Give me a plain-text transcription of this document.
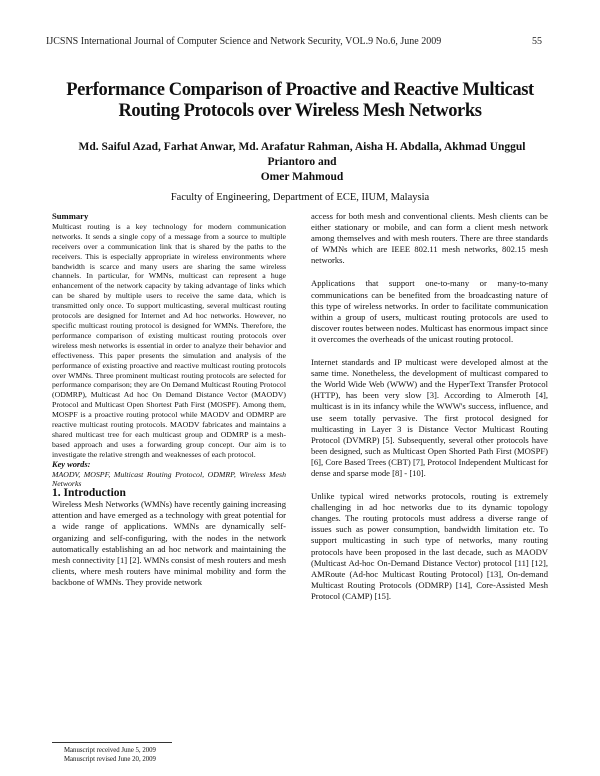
IJCSNS International Journal of Computer Science and Network Security, VOL.9 No.6, June 2009	55
Performance Comparison of Proactive and Reactive Multicast
Routing Protocols over Wireless Mesh Networks
Md. Saiful Azad, Farhat Anwar, Md. Arafatur Rahman, Aisha H. Abdalla, Akhmad Unggul Priantoro and
Omer Mahmoud
Faculty of Engineering, Department of ECE, IIUM, Malaysia

Summary

Multicast routing is a key technology for modern communication networks. It sends a single copy of a message from a source to multiple receivers over a communication link that is shared by the paths to the receivers. This is especially appropriate in wireless environments where bandwidth is scarce and many users are sharing the same wireless channels. In particular, for WMNs, multicast can represent a huge enhancement of the network capacity by taking advantage of links which can be shared by multiple users to receive the same data, which is transmitted only once. To support multicasting, several multicast routing protocols are designed for Internet and Ad hoc networks. However, no specific multicast routing protocol is designed for WMNs. Therefore, the performance comparison of existing multicast routing protocols over wireless mesh networks is essential in order to analyze their behavior and effectiveness. This paper presents the simulation and analysis of the performance of existing proactive and reactive multicast routing protocols over WMNs. Three prominent multicast routing protocols are selected for performance comparison; they are On Demand Multicast Routing Protocol (ODMRP), Multicast Ad hoc On Demand Distance Vector (MAODV) Protocol and Multicast Open Shortest Path First (MOSPF). Among them, MOSPF is a proactive routing protocol while MAODV and ODMRP are reactive multicast routing protocols. MAODV fabricates and maintains a shared multicast tree for each multicast group and ODMRP is a mesh-based approach and uses a forwarding group concept. Our aim is to investigate the relative strength and weaknesses of each protocol.

Key words:

MAODV, MOSPF, Multicast Routing Protocol, ODMRP, Wireless Mesh Networks

1. Introduction

Wireless Mesh Networks (WMNs) have recently gaining increasing attention and have emerged as a technology with great potential for a wide range of applications. WMNs are dynamically self-organizing and self-configuring, with the nodes in the network automatically establishing an ad hoc network and maintaining the mesh connectivity [1] [2]. WMNs consist of mesh routers and mesh clients, where mesh routers have minimal mobility and form the backbone of WMNs. They provide network

access for both mesh and conventional clients. Mesh clients can be either stationary or mobile, and can form a client mesh network among themselves and with mesh routers. There are three standards of WMNs which are IEEE 802.11 mesh networks, 802.15 mesh networks.

Applications that support one-to-many or many-to-many communications can be benefited from the broadcasting nature of this type of wireless networks. In order to facilitate communication within a group of users, multicast routing protocols are used to discover routes between nodes. Multicast has enormous impact since it overcomes the overheads of the unicast routing protocol.

Internet standards and IP multicast were developed almost at the same time. Nonetheless, the development of multicast compared to the World Wide Web (WWW) and the HyperText Transfer Protocol (HTTP), has been very slow [3]. According to Almeroth [4], multicast is in its infancy while the WWW's success, influence, and use seem totally pervasive. The first protocol designed for multicasting in Layer 3 is Distance Vector Multicast Routing Protocol (DVMRP) [5]. Subsequently, several other protocols have been designed, such as Multicast Open Shorted Path First (MOSPF) [6], Core Based Trees (CBT) [7], Protocol Independent Multicast for dense and sparse mode [8] - [10].

Unlike typical wired networks protocols, routing is extremely challenging in ad hoc networks due to its dynamic topology changes. The routing protocols must address a diverse range of issues such as power consumption, bandwidth limitation etc. To support multicasting in such type of networks, many routing protocols have been proposed in the last decade, such as MAODV (Multicast Ad-hoc On-Demand Distance Vector) protocol [11] [12], AMRoute (Ad-hoc Multicast Routing Protocol) [13], On-demand Multicast Routing Protocols (ODMRP) [14], Core-Assisted Mesh Protocol (CAMP) [15].

Manuscript received June 5, 2009
Manuscript revised June 20, 2009
